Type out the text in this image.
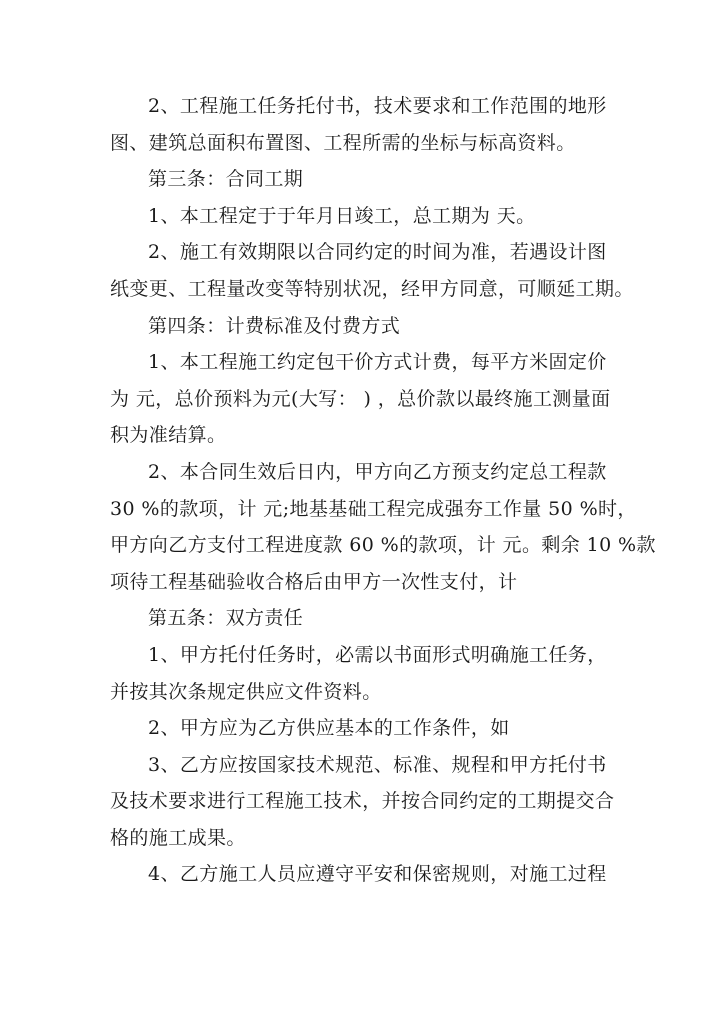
2、工程施工任务托付书，技术要求和工作范围的地形
图、建筑总面积布置图、工程所需的坐标与标高资料。
第三条：合同工期
1、本工程定于于年月日竣工，总工期为 天。
2、施工有效期限以合同约定的时间为准，若遇设计图
纸变更、工程量改变等特别状况，经甲方同意，可顺延工期。
第四条：计费标准及付费方式
1、本工程施工约定包干价方式计费，每平方米固定价
为 元，总价预料为元(大写： ) ，总价款以最终施工测量面
积为准结算。
2、本合同生效后日内，甲方向乙方预支约定总工程款
30 %的款项，计 元;地基基础工程完成强夯工作量 50 %时，
甲方向乙方支付工程进度款 60 %的款项，计 元。剩余 10 %款
项待工程基础验收合格后由甲方一次性支付，计
第五条：双方责任
1、甲方托付任务时，必需以书面形式明确施工任务，
并按其次条规定供应文件资料。
2、甲方应为乙方供应基本的工作条件，如
3、乙方应按国家技术规范、标准、规程和甲方托付书
及技术要求进行工程施工技术，并按合同约定的工期提交合
格的施工成果。
4、乙方施工人员应遵守平安和保密规则，对施工过程
